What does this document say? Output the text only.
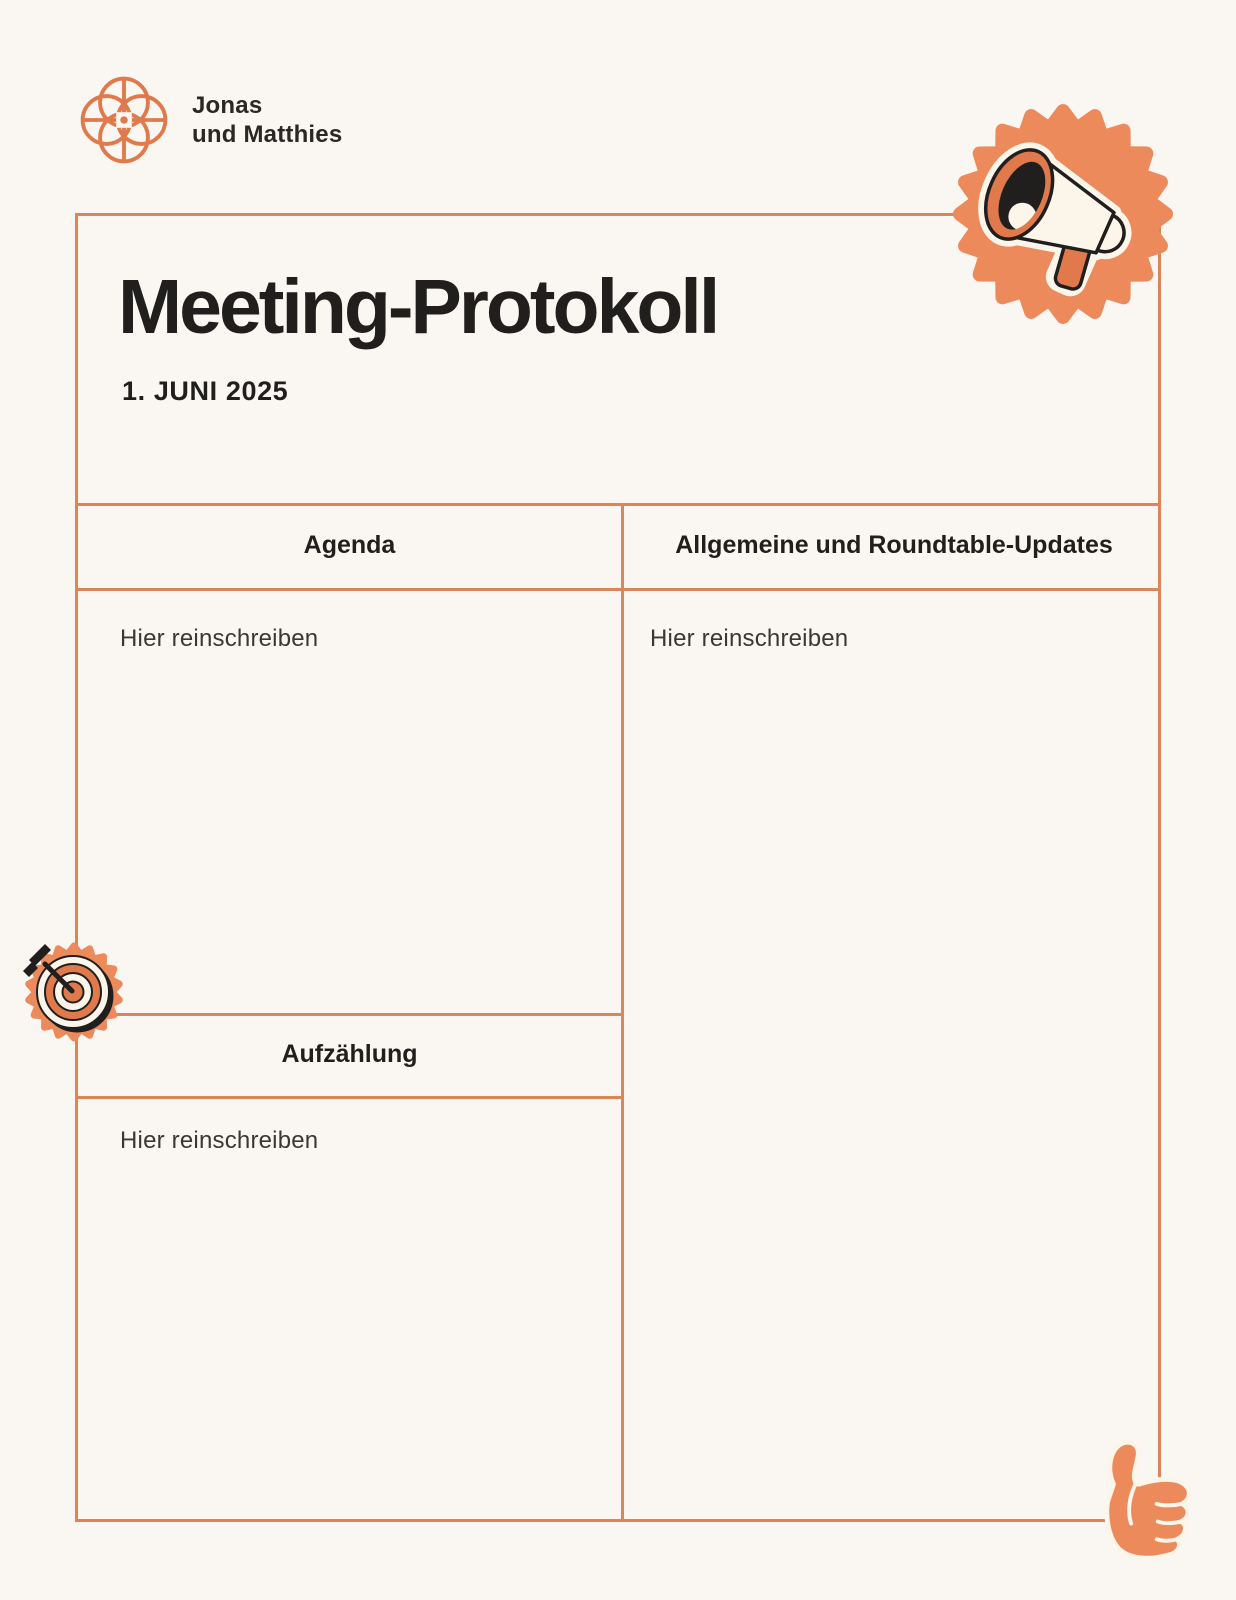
Jonas
und Matthies
Meeting-Protokoll
1. JUNI 2025
Agenda	Allgemeine und Roundtable-Updates
Hier reinschreiben	Hier reinschreiben
Aufzählung
Hier reinschreiben
